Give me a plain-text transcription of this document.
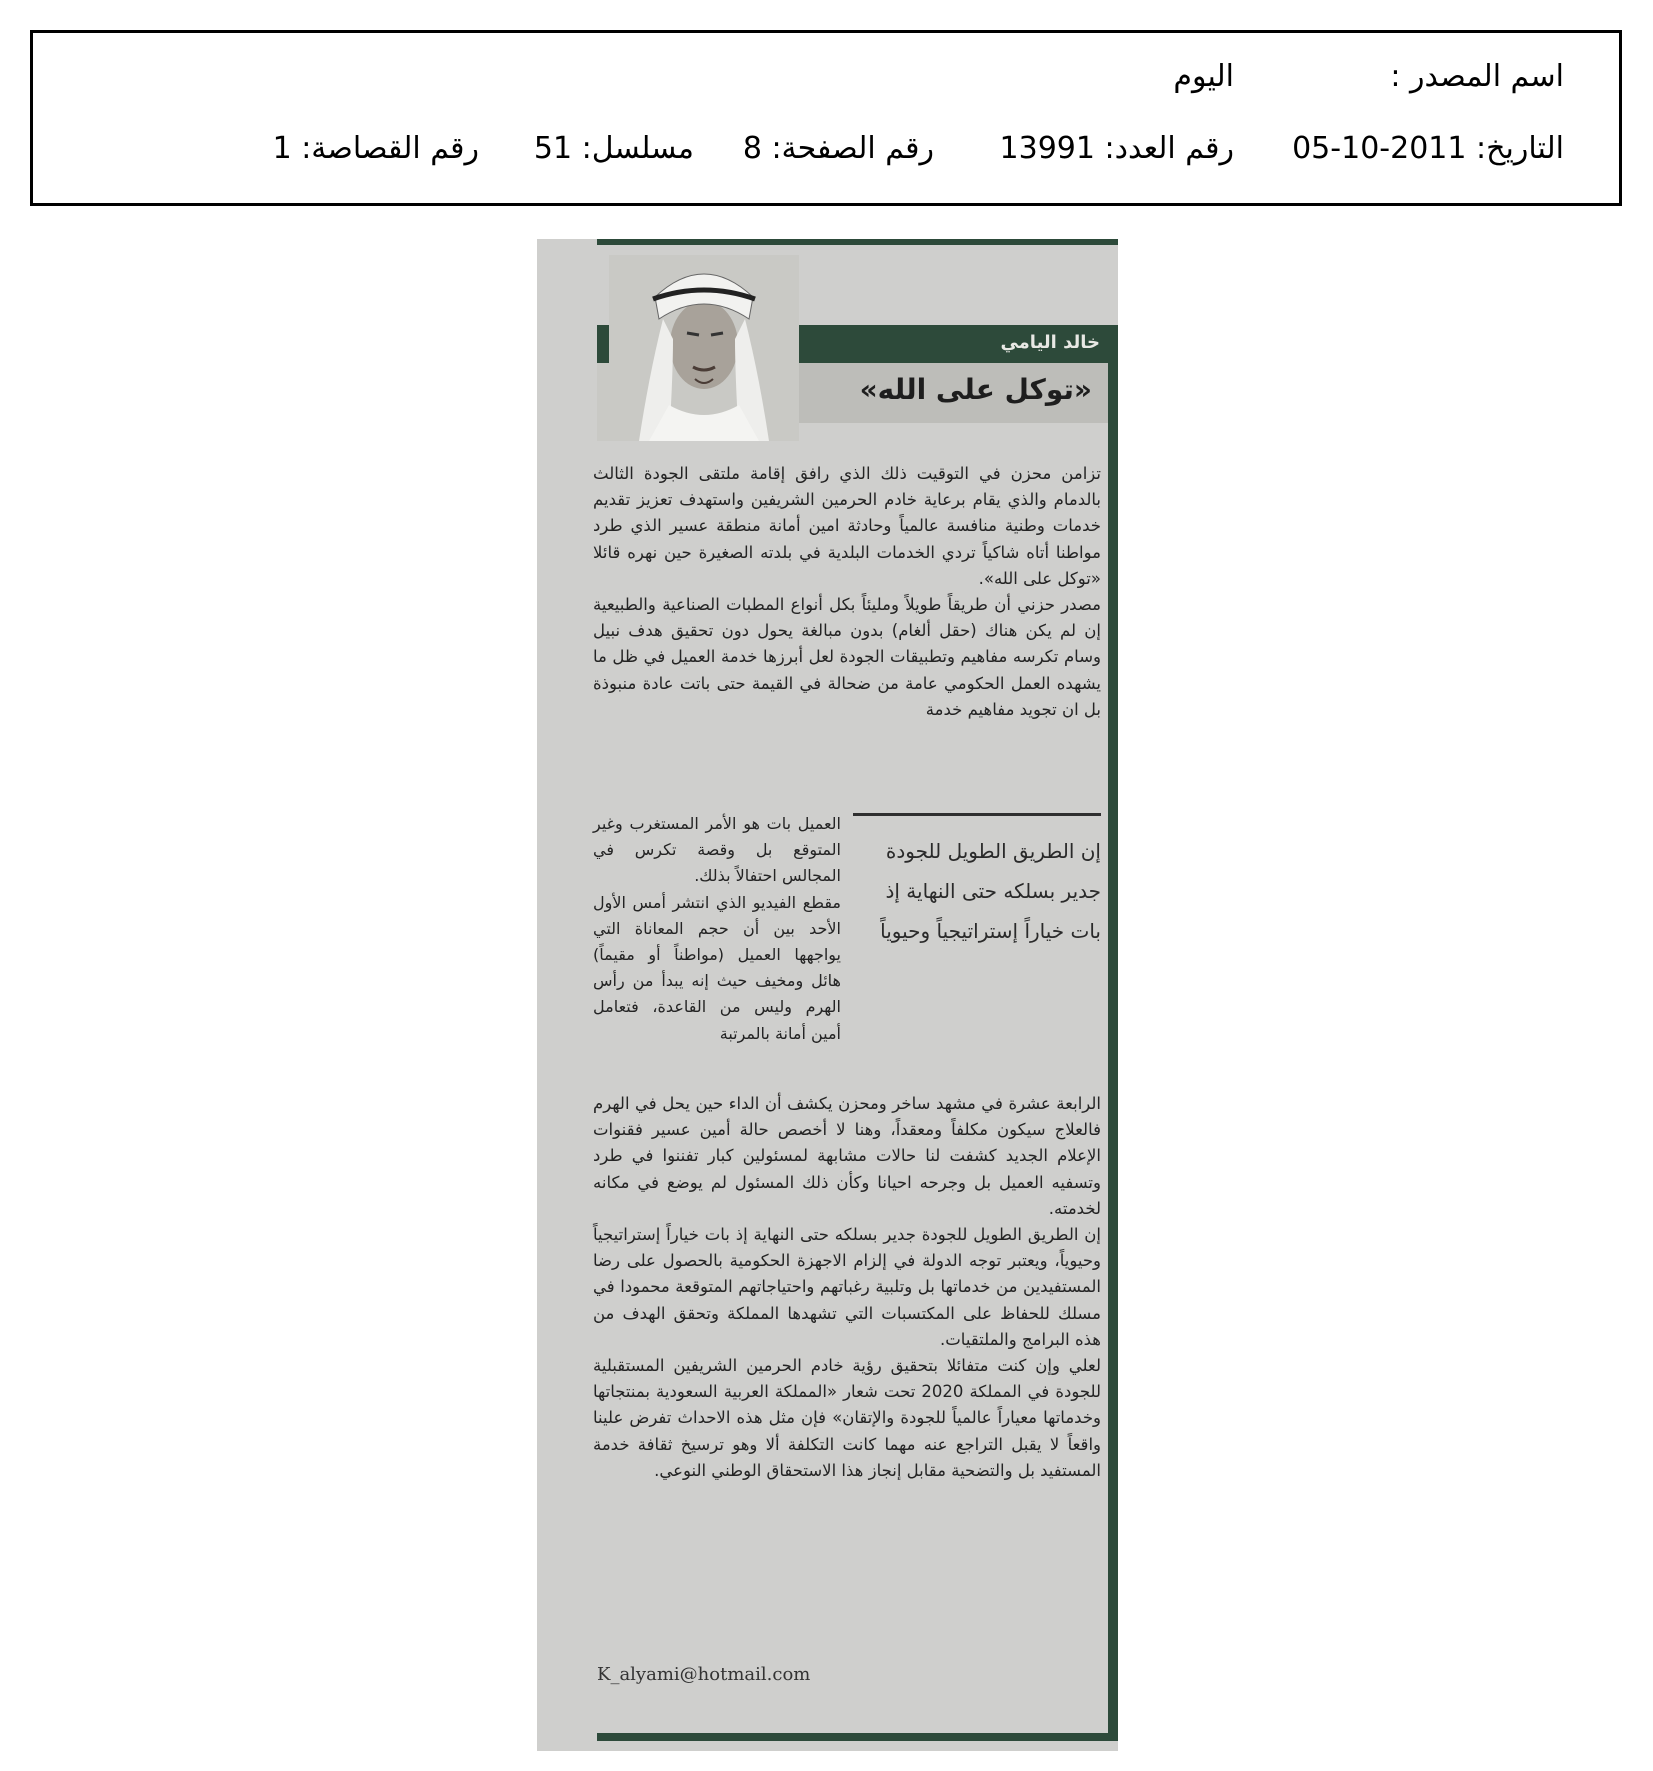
اسم المصدر :
اليوم
التاريخ: 2011-10-05
رقم العدد: 13991
رقم الصفحة: 8
مسلسل: 51
رقم القصاصة: 1
خالد اليامي
«توكل على الله»

تزامن محزن في التوقيت ذلك الذي رافق إقامة ملتقى الجودة الثالث بالدمام والذي يقام برعاية خادم الحرمين الشريفين واستهدف تعزيز تقديم خدمات وطنية منافسة عالمياً وحادثة امين أمانة منطقة عسير الذي طرد مواطنا أتاه شاكياً تردي الخدمات البلدية في بلدته الصغيرة حين نهره قائلا «توكل على الله».

مصدر حزني أن طريقاً طويلاً ومليئاً بكل أنواع المطبات الصناعية والطبيعية إن لم يكن هناك (حقل ألغام) بدون مبالغة يحول دون تحقيق هدف نبيل وسام تكرسه مفاهيم وتطبيقات الجودة لعل أبرزها خدمة العميل في ظل ما يشهده العمل الحكومي عامة من ضحالة في القيمة حتى باتت عادة منبوذة بل ان تجويد مفاهيم خدمة

العميل بات هو الأمر المستغرب وغير المتوقع بل وقصة تكرس في المجالس احتفالاً بذلك.

مقطع الفيديو الذي انتشر أمس الأول الأحد بين أن حجم المعاناة التي يواجهها العميل (مواطناً أو مقيماً) هائل ومخيف حيث إنه يبدأ من رأس الهرم وليس من القاعدة، فتعامل أمين أمانة بالمرتبة

إن الطريق الطويل للجودة جدير بسلكه حتى النهاية إذ بات خياراً إستراتيجياً وحيوياً

الرابعة عشرة في مشهد ساخر ومحزن يكشف أن الداء حين يحل في الهرم فالعلاج سيكون مكلفاً ومعقداً، وهنا لا أخصص حالة أمين عسير فقنوات الإعلام الجديد كشفت لنا حالات مشابهة لمسئولين كبار تفننوا في طرد وتسفيه العميل بل وجرحه احيانا وكأن ذلك المسئول لم يوضع في مكانه لخدمته.

إن الطريق الطويل للجودة جدير بسلكه حتى النهاية إذ بات خياراً إستراتيجياً وحيوياً، ويعتبر توجه الدولة في إلزام الاجهزة الحكومية بالحصول على رضا المستفيدين من خدماتها بل وتلبية رغباتهم واحتياجاتهم المتوقعة محمودا في مسلك للحفاظ على المكتسبات التي تشهدها المملكة وتحقق الهدف من هذه البرامج والملتقيات.

لعلي وإن كنت متفائلا بتحقيق رؤية خادم الحرمين الشريفين المستقبلية للجودة في المملكة 2020 تحت شعار «المملكة العربية السعودية بمنتجاتها وخدماتها معياراً عالمياً للجودة والإتقان» فإن مثل هذه الاحداث تفرض علينا واقعاً لا يقبل التراجع عنه مهما كانت التكلفة ألا وهو ترسيخ ثقافة خدمة المستفيد بل والتضحية مقابل إنجاز هذا الاستحقاق الوطني النوعي.

K_alyami@hotmail.com
